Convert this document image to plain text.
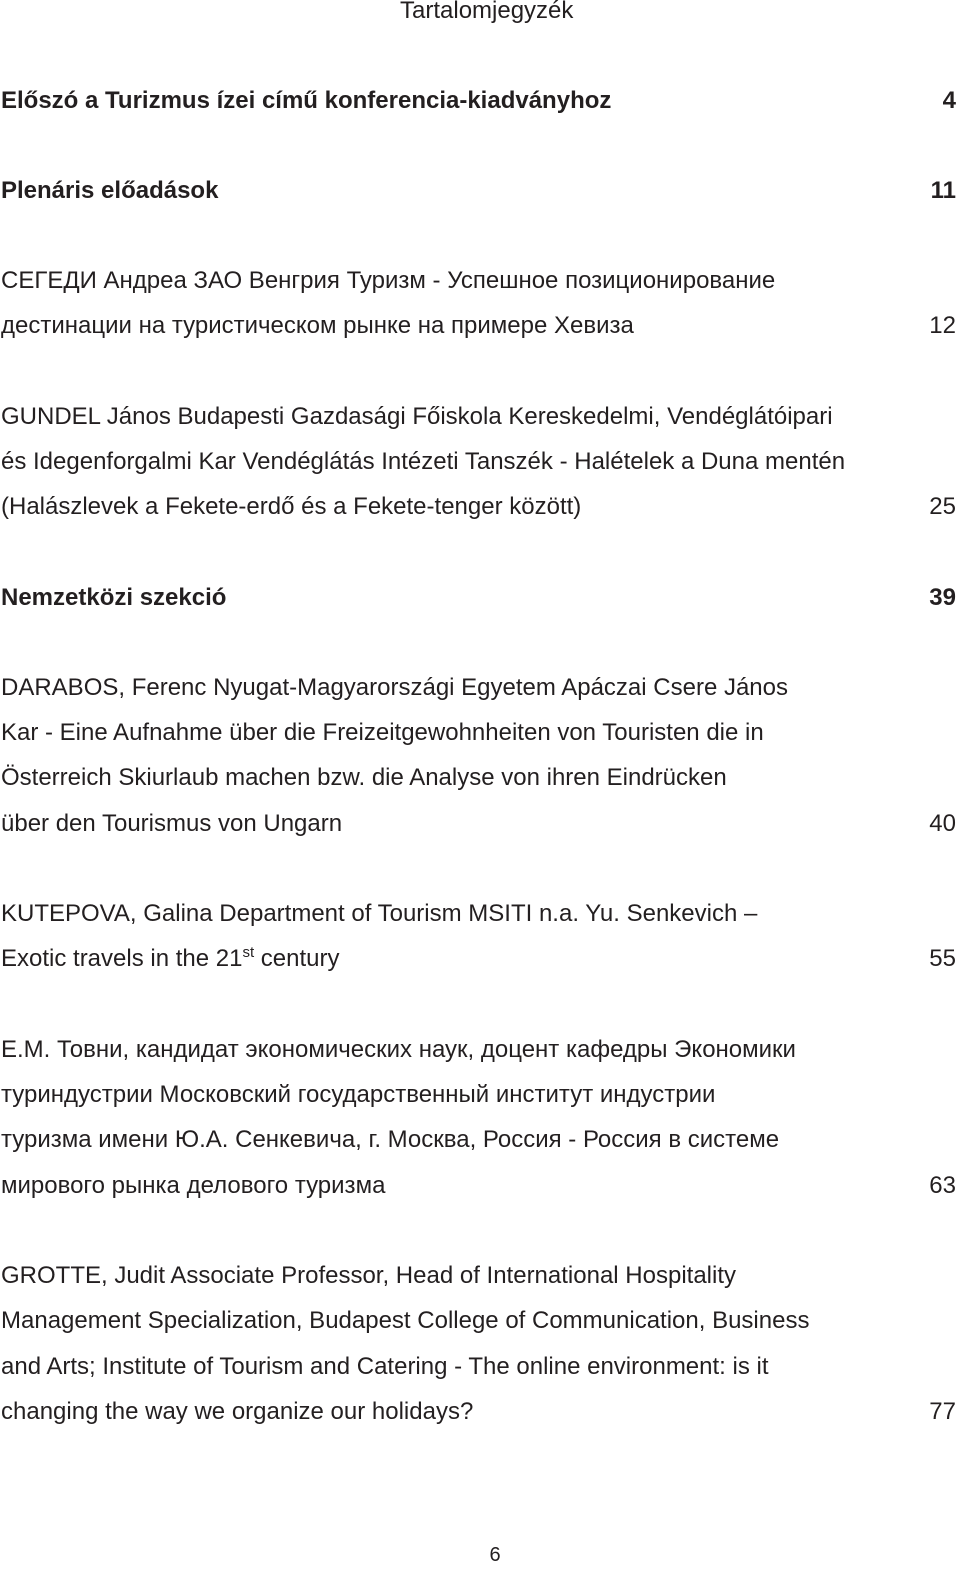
Tartalomjegyzék
Előszó a Turizmus ízei című konferencia-kiadványhoz	4
Plenáris előadások	11
СЕГЕДИ Андреа ЗАО Венгрия Туризм - Успешное позиционирование
дестинации на туристическом рынке на примере Хевиза	12
GUNDEL János Budapesti Gazdasági Főiskola Kereskedelmi, Vendéglátóipari
és Idegenforgalmi Kar Vendéglátás Intézeti Tanszék - Halételek a Duna mentén
(Halászlevek a Fekete-erdő és a Fekete-tenger között)	25
Nemzetközi szekció	39
DARABOS, Ferenc Nyugat-Magyarországi Egyetem Apáczai Csere János
Kar - Eine Aufnahme über die Freizeitgewohnheiten von Touristen die in
Österreich Skiurlaub machen bzw. die Analyse von ihren Eindrücken
über den Tourismus von Ungarn	40
KUTEPOVA, Galina Department of Tourism MSITI n.a. Yu. Senkevich –
Exotic travels in the 21st century	55
E.M. Товни, кандидат экономических наук, доцент кафедры Экономики
туриндустрии Московский государственный институт индустрии
туризма имени Ю.А. Сенкевича, г. Москва, Россия - Россия в системе
мирового рынка делового туризма	63
GROTTE, Judit Associate Professor, Head of International Hospitality
Management Specialization, Budapest College of Communication, Business
and Arts; Institute of Tourism and Catering - The online environment: is it
changing the way we organize our holidays?	77
6
